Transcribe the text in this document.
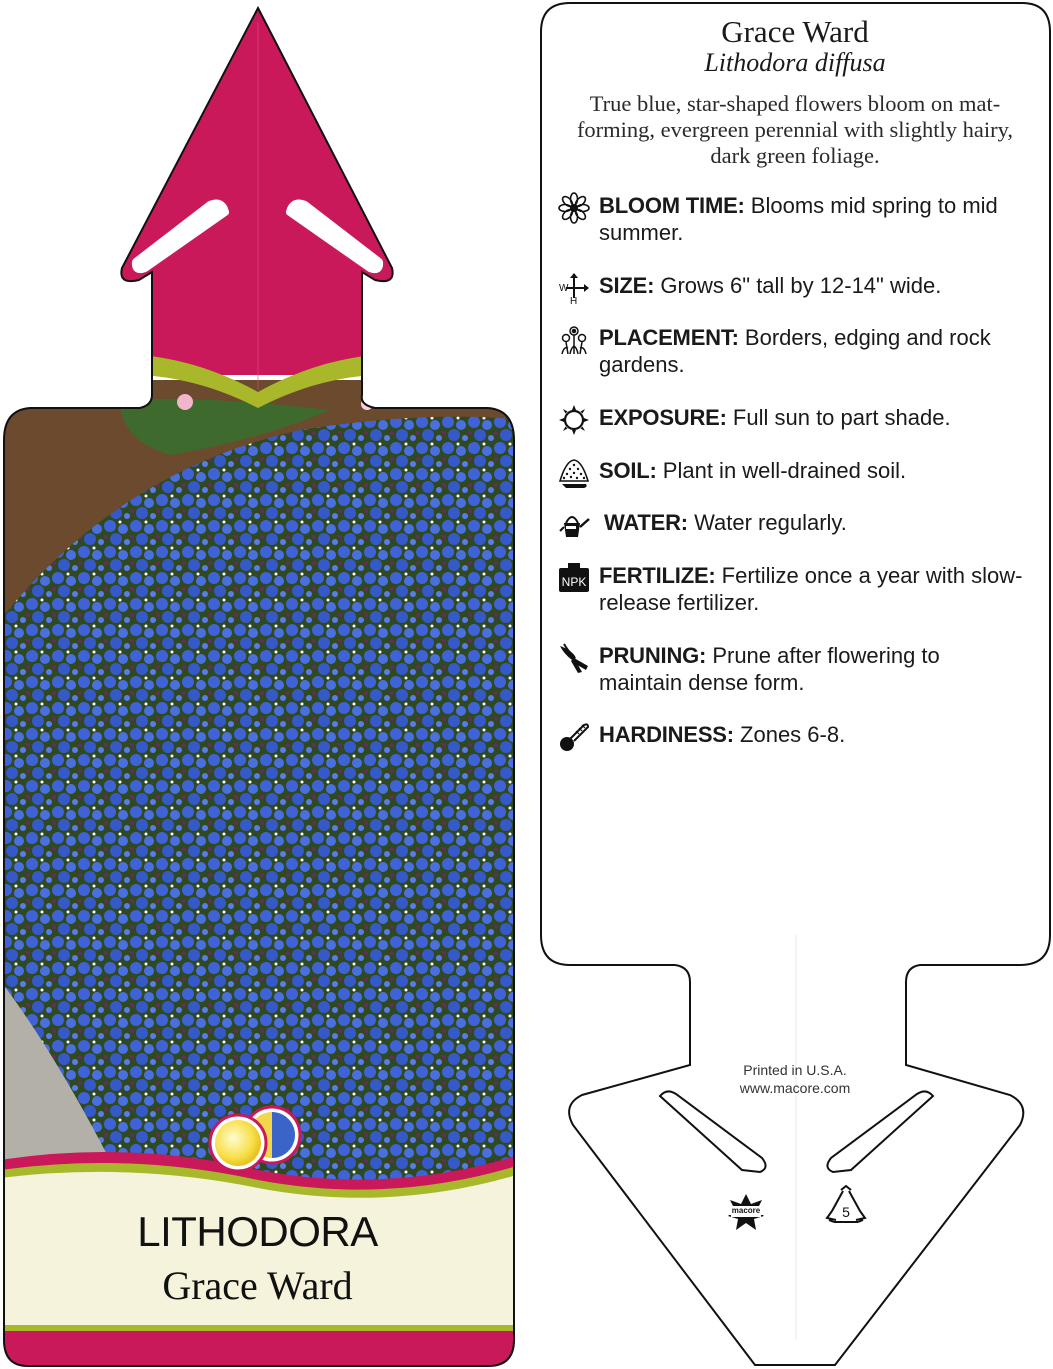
Grace Ward
Lithodora diffusa
True blue, star-shaped flowers bloom on mat-forming, evergreen perennial with slightly hairy, dark green foliage.
BLOOM TIME: Blooms mid spring to mid summer.
W
H
SIZE: Grows 6" tall by 12-14" wide.
PLACEMENT: Borders, edging and rock gardens.
EXPOSURE: Full sun to part shade.
SOIL: Plant in well-drained soil.
WATER: Water regularly.
NPK FERTILIZE: Fertilize once a year with slow-release fertilizer.
PRUNING: Prune after flowering to maintain dense form.
HARDINESS: Zones 6-8.
Printed in U.S.A.
www.macore.com
macore	5
LITHODORA
Grace Ward
